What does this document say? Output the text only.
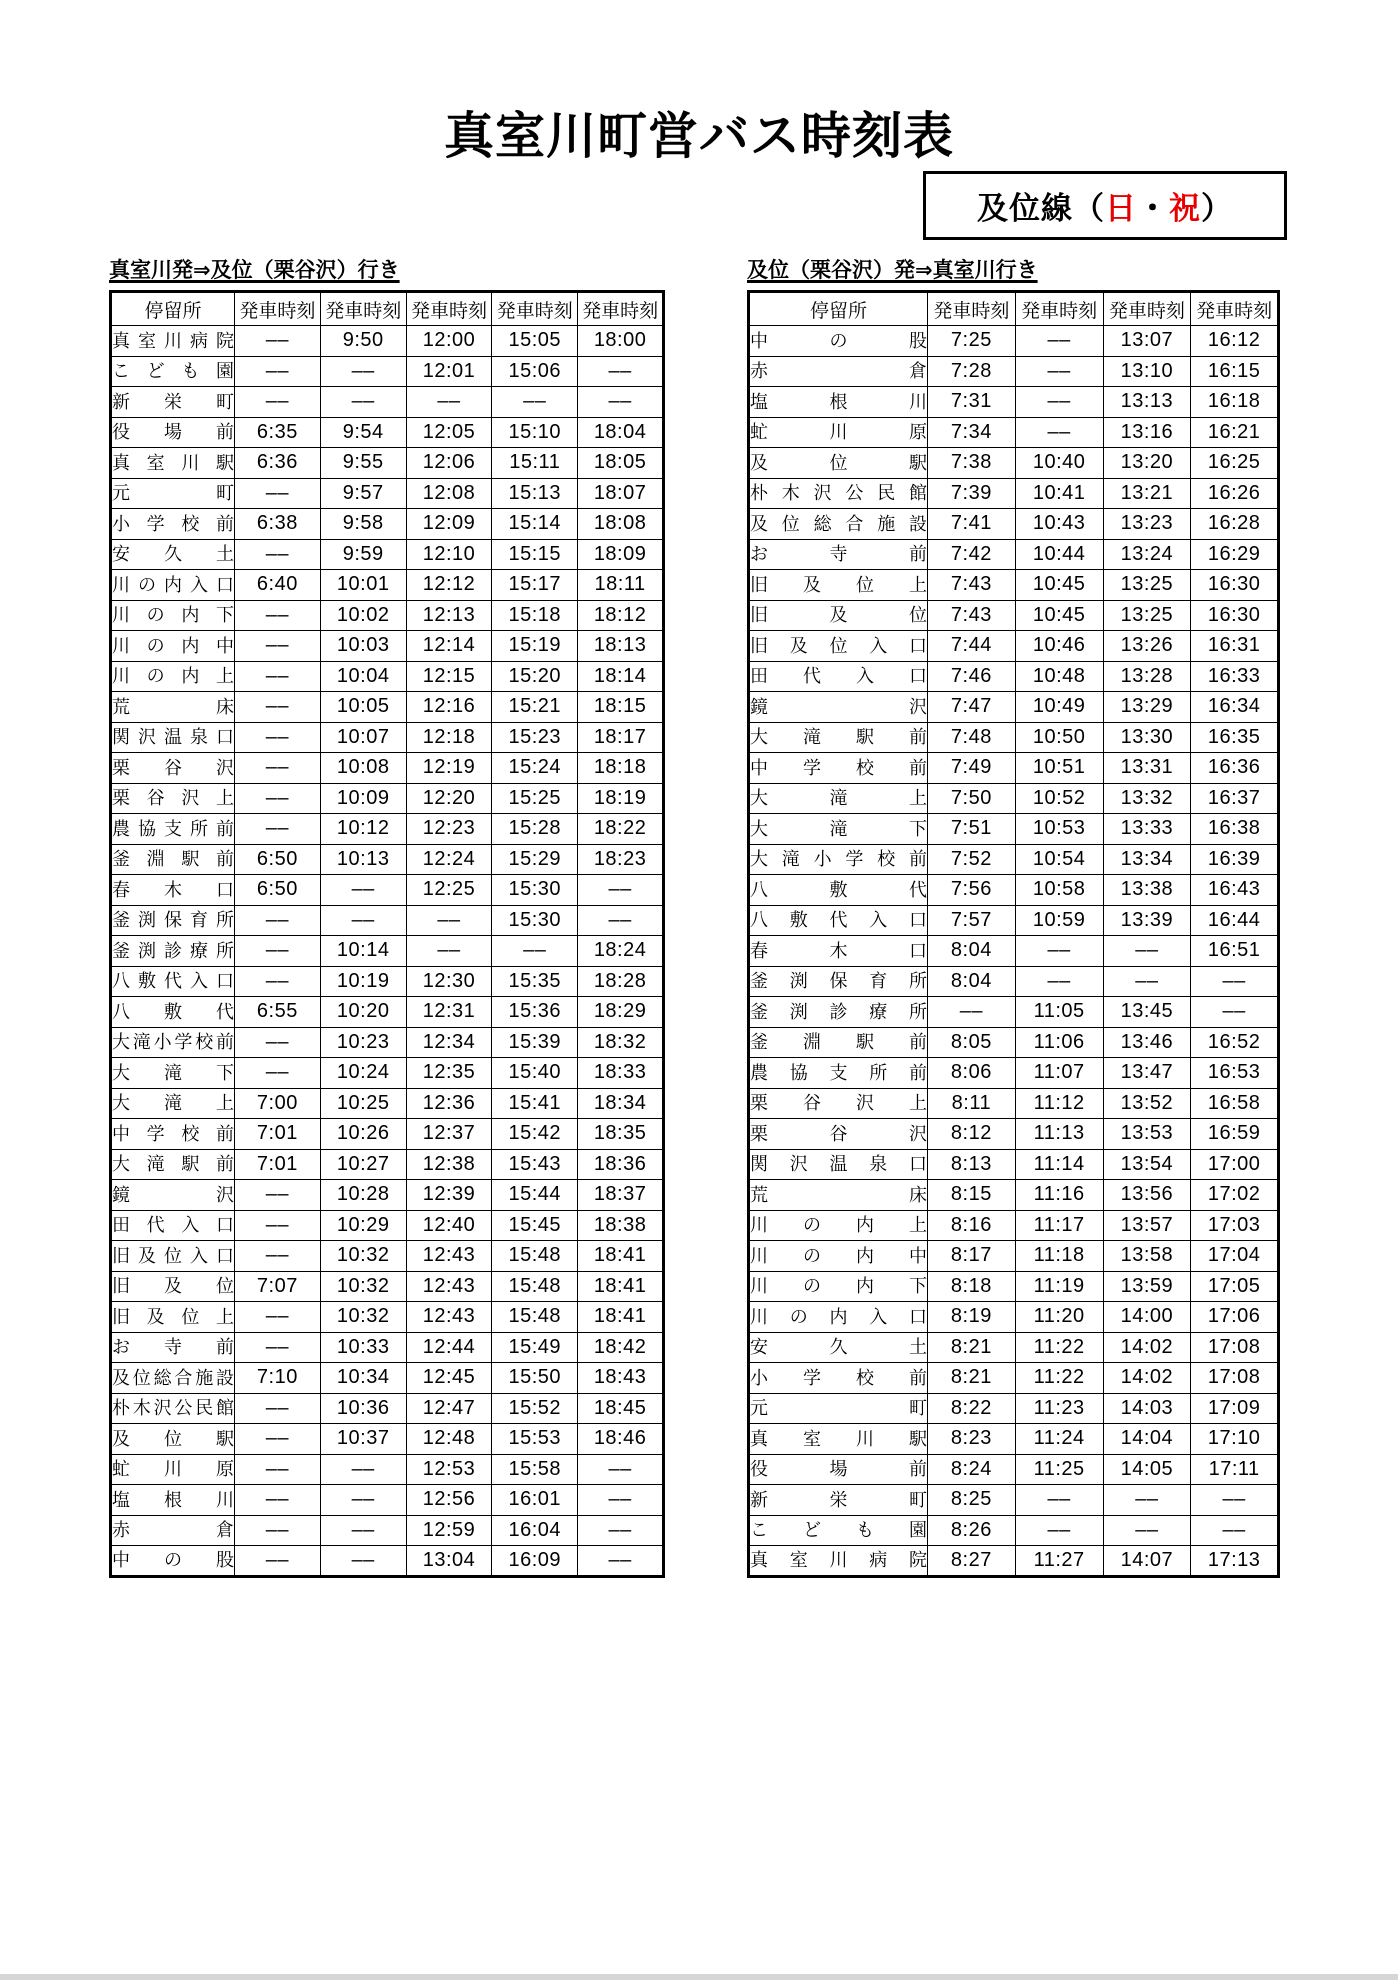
真室川町営バス時刻表
及位線（ 日 ・ 祝 ）
真室川発⇒及位（栗谷沢）行き
停留所	発車時刻	発車時刻	発車時刻	発車時刻	発車時刻

真 室 川 病 院	––	9:50	12:00	15:05	18:00

こ ど も 園	––	––	12:01	15:06	––

新 栄 町	––	––	––	––	––

役 場 前	6:35	9:54	12:05	15:10	18:04

真 室 川 駅	6:36	9:55	12:06	15:11	18:05

元 町	––	9:57	12:08	15:13	18:07

小 学 校 前	6:38	9:58	12:09	15:14	18:08

安 久 土	––	9:59	12:10	15:15	18:09

川 の 内 入 口	6:40	10:01	12:12	15:17	18:11

川 の 内 下	––	10:02	12:13	15:18	18:12

川 の 内 中	––	10:03	12:14	15:19	18:13

川 の 内 上	––	10:04	12:15	15:20	18:14

荒 床	––	10:05	12:16	15:21	18:15

関 沢 温 泉 口	––	10:07	12:18	15:23	18:17

栗 谷 沢	––	10:08	12:19	15:24	18:18

栗 谷 沢 上	––	10:09	12:20	15:25	18:19

農 協 支 所 前	––	10:12	12:23	15:28	18:22

釜 淵 駅 前	6:50	10:13	12:24	15:29	18:23

春 木 口	6:50	––	12:25	15:30	––

釜 渕 保 育 所	––	––	––	15:30	––

釜 渕 診 療 所	––	10:14	––	––	18:24

八 敷 代 入 口	––	10:19	12:30	15:35	18:28

八 敷 代	6:55	10:20	12:31	15:36	18:29

大 滝 小 学 校 前	––	10:23	12:34	15:39	18:32

大 滝 下	––	10:24	12:35	15:40	18:33

大 滝 上	7:00	10:25	12:36	15:41	18:34

中 学 校 前	7:01	10:26	12:37	15:42	18:35

大 滝 駅 前	7:01	10:27	12:38	15:43	18:36

鏡 沢	––	10:28	12:39	15:44	18:37

田 代 入 口	––	10:29	12:40	15:45	18:38

旧 及 位 入 口	––	10:32	12:43	15:48	18:41

旧 及 位	7:07	10:32	12:43	15:48	18:41

旧 及 位 上	––	10:32	12:43	15:48	18:41

お 寺 前	––	10:33	12:44	15:49	18:42

及 位 総 合 施 設	7:10	10:34	12:45	15:50	18:43

朴 木 沢 公 民 館	––	10:36	12:47	15:52	18:45

及 位 駅	––	10:37	12:48	15:53	18:46

虻 川 原	––	––	12:53	15:58	––

塩 根 川	––	––	12:56	16:01	––

赤 倉	––	––	12:59	16:04	––

中 の 股	––	––	13:04	16:09	––
及位（栗谷沢）発⇒真室川行き
停留所	発車時刻	発車時刻	発車時刻	発車時刻

中 の 股	7:25	––	13:07	16:12

赤 倉	7:28	––	13:10	16:15

塩 根 川	7:31	––	13:13	16:18

虻 川 原	7:34	––	13:16	16:21

及 位 駅	7:38	10:40	13:20	16:25

朴 木 沢 公 民 館	7:39	10:41	13:21	16:26

及 位 総 合 施 設	7:41	10:43	13:23	16:28

お 寺 前	7:42	10:44	13:24	16:29

旧 及 位 上	7:43	10:45	13:25	16:30

旧 及 位	7:43	10:45	13:25	16:30

旧 及 位 入 口	7:44	10:46	13:26	16:31

田 代 入 口	7:46	10:48	13:28	16:33

鏡 沢	7:47	10:49	13:29	16:34

大 滝 駅 前	7:48	10:50	13:30	16:35

中 学 校 前	7:49	10:51	13:31	16:36

大 滝 上	7:50	10:52	13:32	16:37

大 滝 下	7:51	10:53	13:33	16:38

大 滝 小 学 校 前	7:52	10:54	13:34	16:39

八 敷 代	7:56	10:58	13:38	16:43

八 敷 代 入 口	7:57	10:59	13:39	16:44

春 木 口	8:04	––	––	16:51

釜 渕 保 育 所	8:04	––	––	––

釜 渕 診 療 所	––	11:05	13:45	––

釜 淵 駅 前	8:05	11:06	13:46	16:52

農 協 支 所 前	8:06	11:07	13:47	16:53

栗 谷 沢 上	8:11	11:12	13:52	16:58

栗 谷 沢	8:12	11:13	13:53	16:59

関 沢 温 泉 口	8:13	11:14	13:54	17:00

荒 床	8:15	11:16	13:56	17:02

川 の 内 上	8:16	11:17	13:57	17:03

川 の 内 中	8:17	11:18	13:58	17:04

川 の 内 下	8:18	11:19	13:59	17:05

川 の 内 入 口	8:19	11:20	14:00	17:06

安 久 土	8:21	11:22	14:02	17:08

小 学 校 前	8:21	11:22	14:02	17:08

元 町	8:22	11:23	14:03	17:09

真 室 川 駅	8:23	11:24	14:04	17:10

役 場 前	8:24	11:25	14:05	17:11

新 栄 町	8:25	––	––	––

こ ど も 園	8:26	––	––	––

真 室 川 病 院	8:27	11:27	14:07	17:13
